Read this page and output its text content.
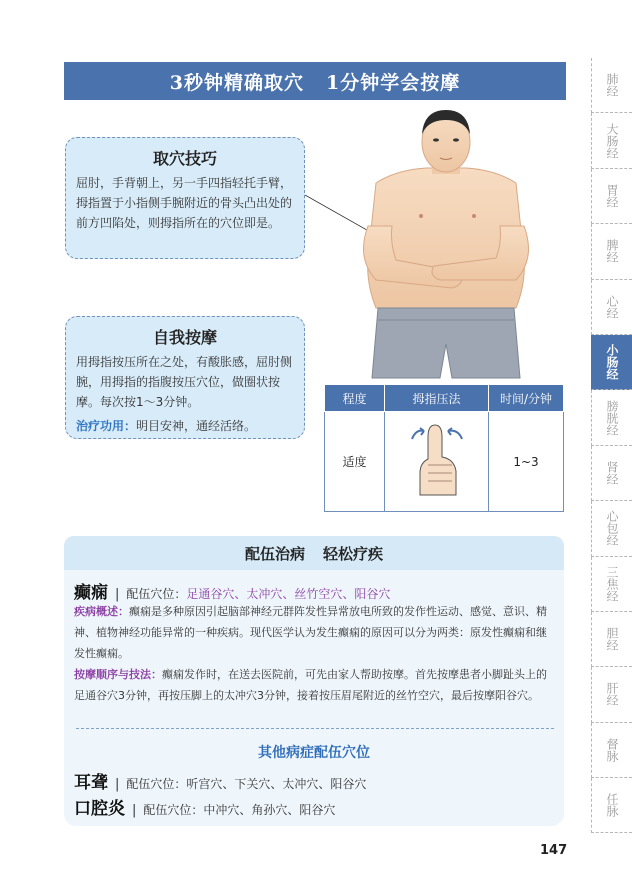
3秒钟精确取穴 1分钟学会按摩
取穴技巧

屈肘，手背朝上，另一手四指轻托手臂，拇指置于小指侧手腕附近的骨头凸出处的前方凹陷处，则拇指所在的穴位即是。

自我按摩

用拇指按压所在之处，有酸胀感，屈肘侧腕，用拇指的指腹按压穴位，做圈状按摩。每次按1～3分钟。

治疗功用：明目安神，通经活络。

程度	拇指压法	时间/分钟
适度		1~3
配伍治病 轻松疗疾
癫痫 | 配伍穴位： 足通谷穴、太冲穴、丝竹空穴、阳谷穴
疾病概述：癫痫是多种原因引起脑部神经元群阵发性异常放电所致的发作性运动、感觉、意识、精神、植物神经功能异常的一种疾病。现代医学认为发生癫痫的原因可以分为两类：原发性癫痫和继发性癫痫。
按摩顺序与技法：癫痫发作时，在送去医院前，可先由家人帮助按摩。首先按摩患者小脚趾头上的足通谷穴3分钟，再按压脚上的太冲穴3分钟，接着按压眉尾附近的丝竹空穴，最后按摩阳谷穴。
其他病症配伍穴位
耳聋 | 配伍穴位： 听宫穴、下关穴、太冲穴、阳谷穴
口腔炎 | 配伍穴位： 中冲穴、角孙穴、阳谷穴
147
肺经
大肠经
胃经
脾经
心经
小肠经
膀胱经
肾经
心包经
三焦经
胆经
肝经
督脉
任脉
